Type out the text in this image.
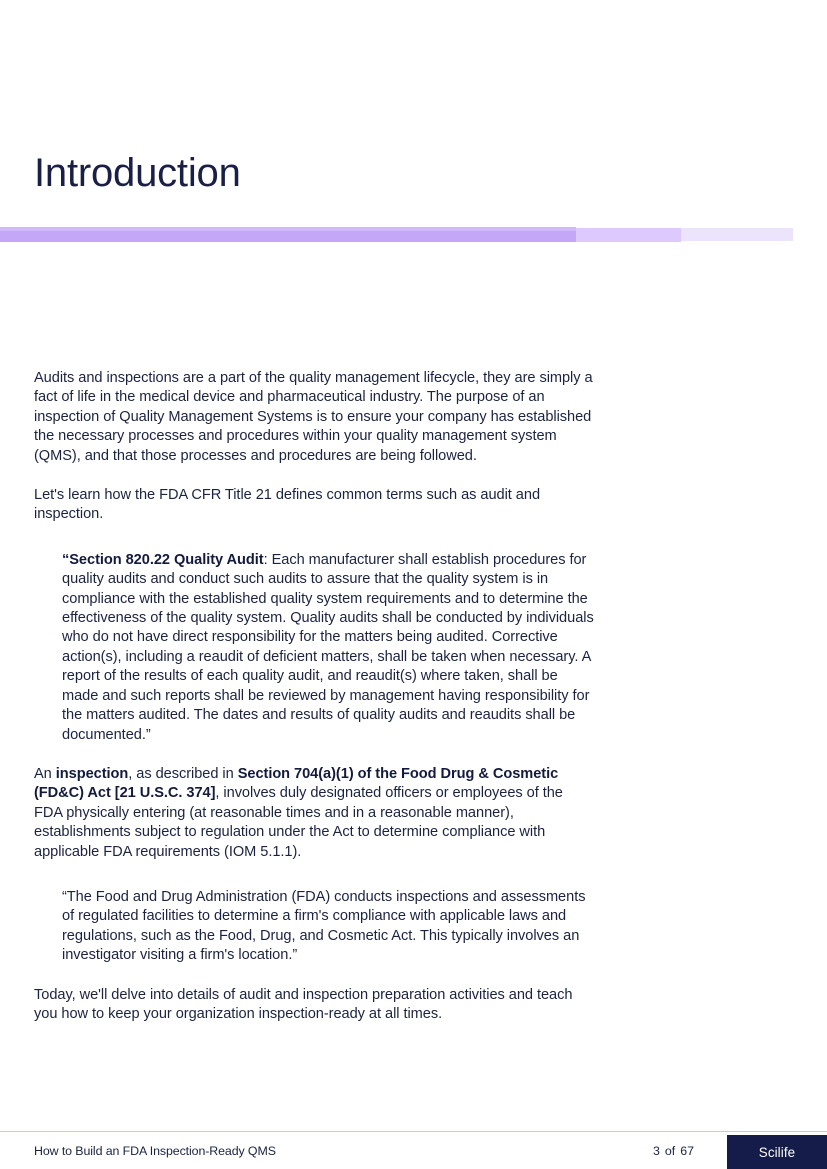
Introduction

Audits and inspections are a part of the quality management lifecycle, they are simply a fact of life in the medical device and pharmaceutical industry. The purpose of an inspection of Quality Management Systems is to ensure your company has established the necessary processes and procedures within your quality management system (QMS), and that those processes and procedures are being followed.

Let's learn how the FDA CFR Title 21 defines common terms such as audit and inspection.

“Section 820.22 Quality Audit: Each manufacturer shall establish procedures for quality audits and conduct such audits to assure that the quality system is in compliance with the established quality system requirements and to determine the effectiveness of the quality system. Quality audits shall be conducted by individuals who do not have direct responsibility for the matters being audited. Corrective action(s), including a reaudit of deficient matters, shall be taken when necessary. A report of the results of each quality audit, and reaudit(s) where taken, shall be made and such reports shall be reviewed by management having responsibility for the matters audited. The dates and results of quality audits and reaudits shall be documented.”

An inspection, as described in Section 704(a)(1) of the Food Drug & Cosmetic (FD&C) Act [21 U.S.C. 374], involves duly designated officers or employees of the FDA physically entering (at reasonable times and in a reasonable manner), establishments subject to regulation under the Act to determine compliance with applicable FDA requirements (IOM 5.1.1).

“The Food and Drug Administration (FDA) conducts inspections and assessments of regulated facilities to determine a firm's compliance with applicable laws and regulations, such as the Food, Drug, and Cosmetic Act. This typically involves an investigator visiting a firm's location.”

Today, we'll delve into details of audit and inspection preparation activities and teach you how to keep your organization inspection-ready at all times.

How to Build an FDA Inspection-Ready QMS	3 of 67	Scilife
